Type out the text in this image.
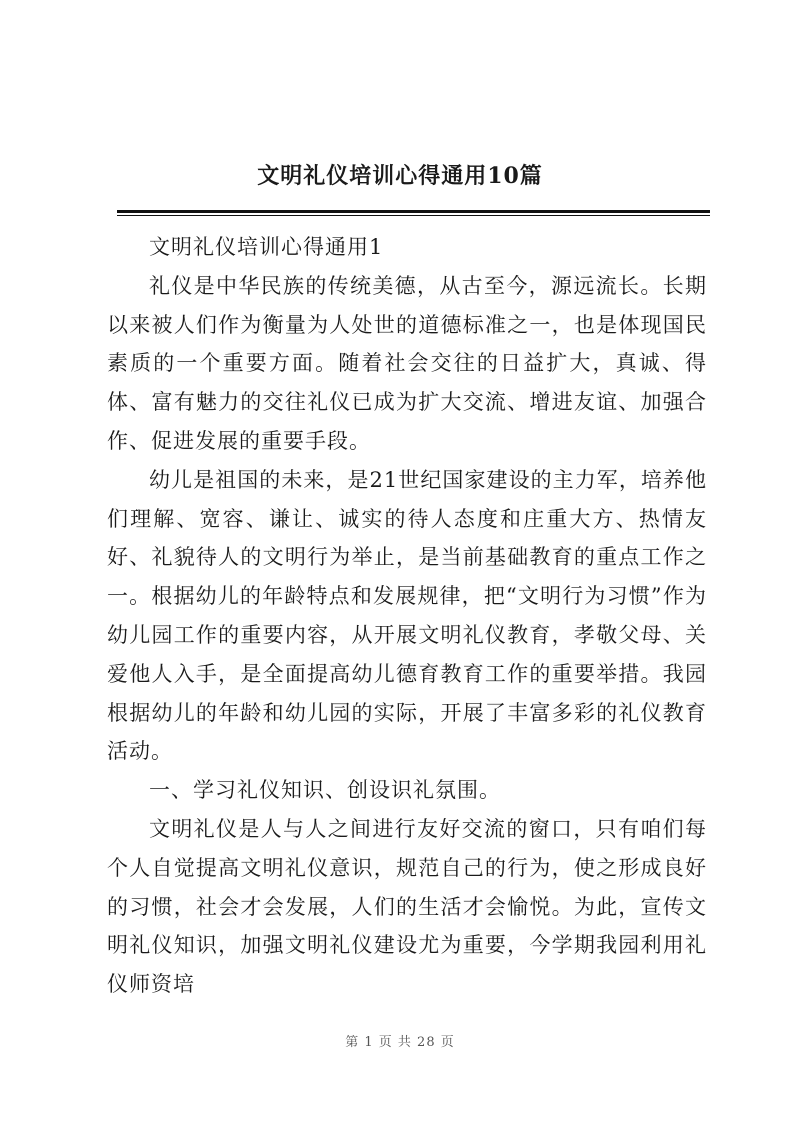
文明礼仪培训心得通用10篇

文明礼仪培训心得通用1

礼仪是中华民族的传统美德，从古至今，源远流长。长期以来被人们作为衡量为人处世的道德标准之一，也是体现国民素质的一个重要方面。随着社会交往的日益扩大，真诚、得体、富有魅力的交往礼仪已成为扩大交流、增进友谊、加强合作、促进发展的重要手段。

幼儿是祖国的未来，是21世纪国家建设的主力军，培养他们理解、宽容、谦让、诚实的待人态度和庄重大方、热情友好、礼貌待人的文明行为举止，是当前基础教育的重点工作之一。根据幼儿的年龄特点和发展规律，把“文明行为习惯”作为幼儿园工作的重要内容，从开展文明礼仪教育，孝敬父母、关爱他人入手，是全面提高幼儿德育教育工作的重要举措。我园根据幼儿的年龄和幼儿园的实际，开展了丰富多彩的礼仪教育活动。

一、学习礼仪知识、创设识礼氛围。

文明礼仪是人与人之间进行友好交流的窗口，只有咱们每个人自觉提高文明礼仪意识，规范自己的行为，使之形成良好的习惯，社会才会发展，人们的生活才会愉悦。为此，宣传文明礼仪知识，加强文明礼仪建设尤为重要，今学期我园利用礼仪师资培

第 1 页 共 28 页
